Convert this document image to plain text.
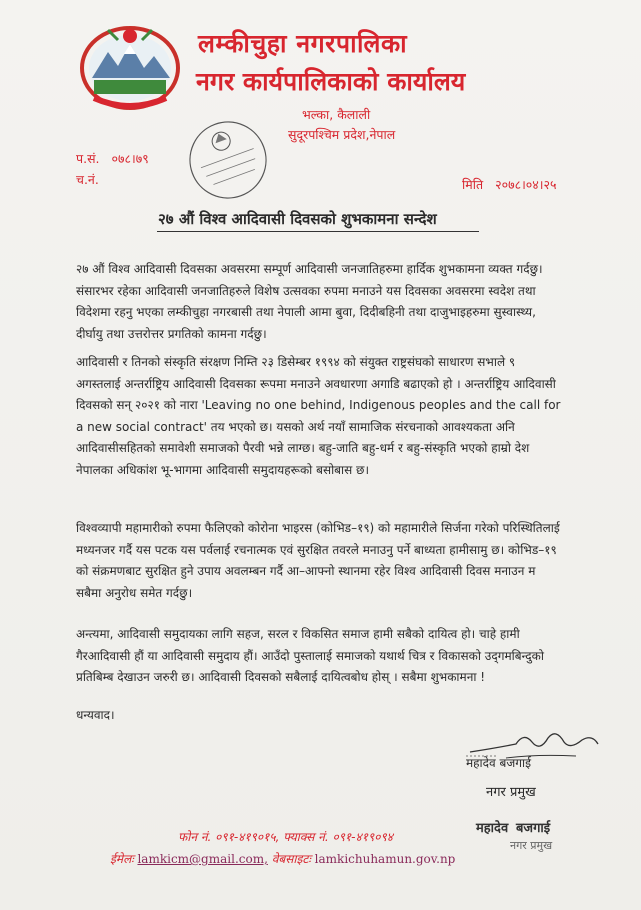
लम्कीचुहा नगरपालिका
नगर कार्यपालिकाको कार्यालय
भल्का, कैलाली
सुदूरपश्चिम प्रदेश,नेपाल
प.सं. ०७८।७९
च.नं.	मिति २०७८।०४।२५
२७ औं विश्व आदिवासी दिवसको शुभकामना सन्देश
२७ औं विश्व आदिवासी दिवसका अवसरमा सम्पूर्ण आदिवासी जनजातिहरुमा हार्दिक शुभकामना व्यक्त गर्दछु। संसारभर रहेका आदिवासी जनजातिहरुले विशेष उत्सवका रुपमा मनाउने यस दिवसका अवसरमा स्वदेश तथा विदेशमा रहनु भएका लम्कीचुहा नगरबासी तथा नेपाली आमा बुवा, दिदीबहिनी तथा दाजुभाइहरुमा सुस्वास्थ्य, दीर्घायु तथा उत्तरोत्तर प्रगतिको कामना गर्दछु।
आदिवासी र तिनको संस्कृति संरक्षण निम्ति २३ डिसेम्बर १९९४ को संयुक्त राष्ट्रसंघको साधारण सभाले ९ अगस्तलाई अन्तर्राष्ट्रिय आदिवासी दिवसका रूपमा मनाउने अवधारणा अगाडि बढाएको हो । अन्तर्राष्ट्रिय आदिवासी दिवसको सन् २०२१ को नारा 'Leaving no one behind, Indigenous peoples and the call for a new social contract' तय भएको छ। यसको अर्थ नयाँ सामाजिक संरचनाको आवश्यकता अनि आदिवासीसहितको समावेशी समाजको पैरवी भन्ने लाग्छ। बहु-जाति बहु-धर्म र बहु-संस्कृति भएको हाम्रो देश नेपालका अधिकांश भू-भागमा आदिवासी समुदायहरूको बसोबास छ।
विश्वव्यापी महामारीको रुपमा फैलिएको कोरोना भाइरस (कोभिड–१९) को महामारीले सिर्जना गरेको परिस्थितिलाई मध्यनजर गर्दै यस पटक यस पर्वलाई रचनात्मक एवं सुरक्षित तवरले मनाउनु पर्ने बाध्यता हामीसामु छ। कोभिड–१९ को संक्रमणबाट सुरक्षित हुने उपाय अवलम्बन गर्दै आ–आफ्नो स्थानमा रहेर विश्व आदिवासी दिवस मनाउन म सबैमा अनुरोध समेत गर्दछु।
अन्त्यमा, आदिवासी समुदायका लागि सहज, सरल र विकसित समाज हामी सबैको दायित्व हो। चाहे हामी गैरआदिवासी हौं या आदिवासी समुदाय हौं। आउँदो पुस्तालाई समाजको यथार्थ चित्र र विकासको उद्‌गमबिन्दुको प्रतिबिम्ब देखाउन जरुरी छ। आदिवासी दिवसको सबैलाई दायित्वबोध होस् । सबैमा शुभकामना !
धन्यवाद।
महादेव बजगाई
नगर प्रमुख
महादेव बजगाई
नगर प्रमुख
फोन नं. ०९१-४१९०१५, फ्याक्स नं. ०९१-४१९०९४
ईमेलः lamkicm@gmail.com, वेबसाइटः lamkichuhamun.gov.np
